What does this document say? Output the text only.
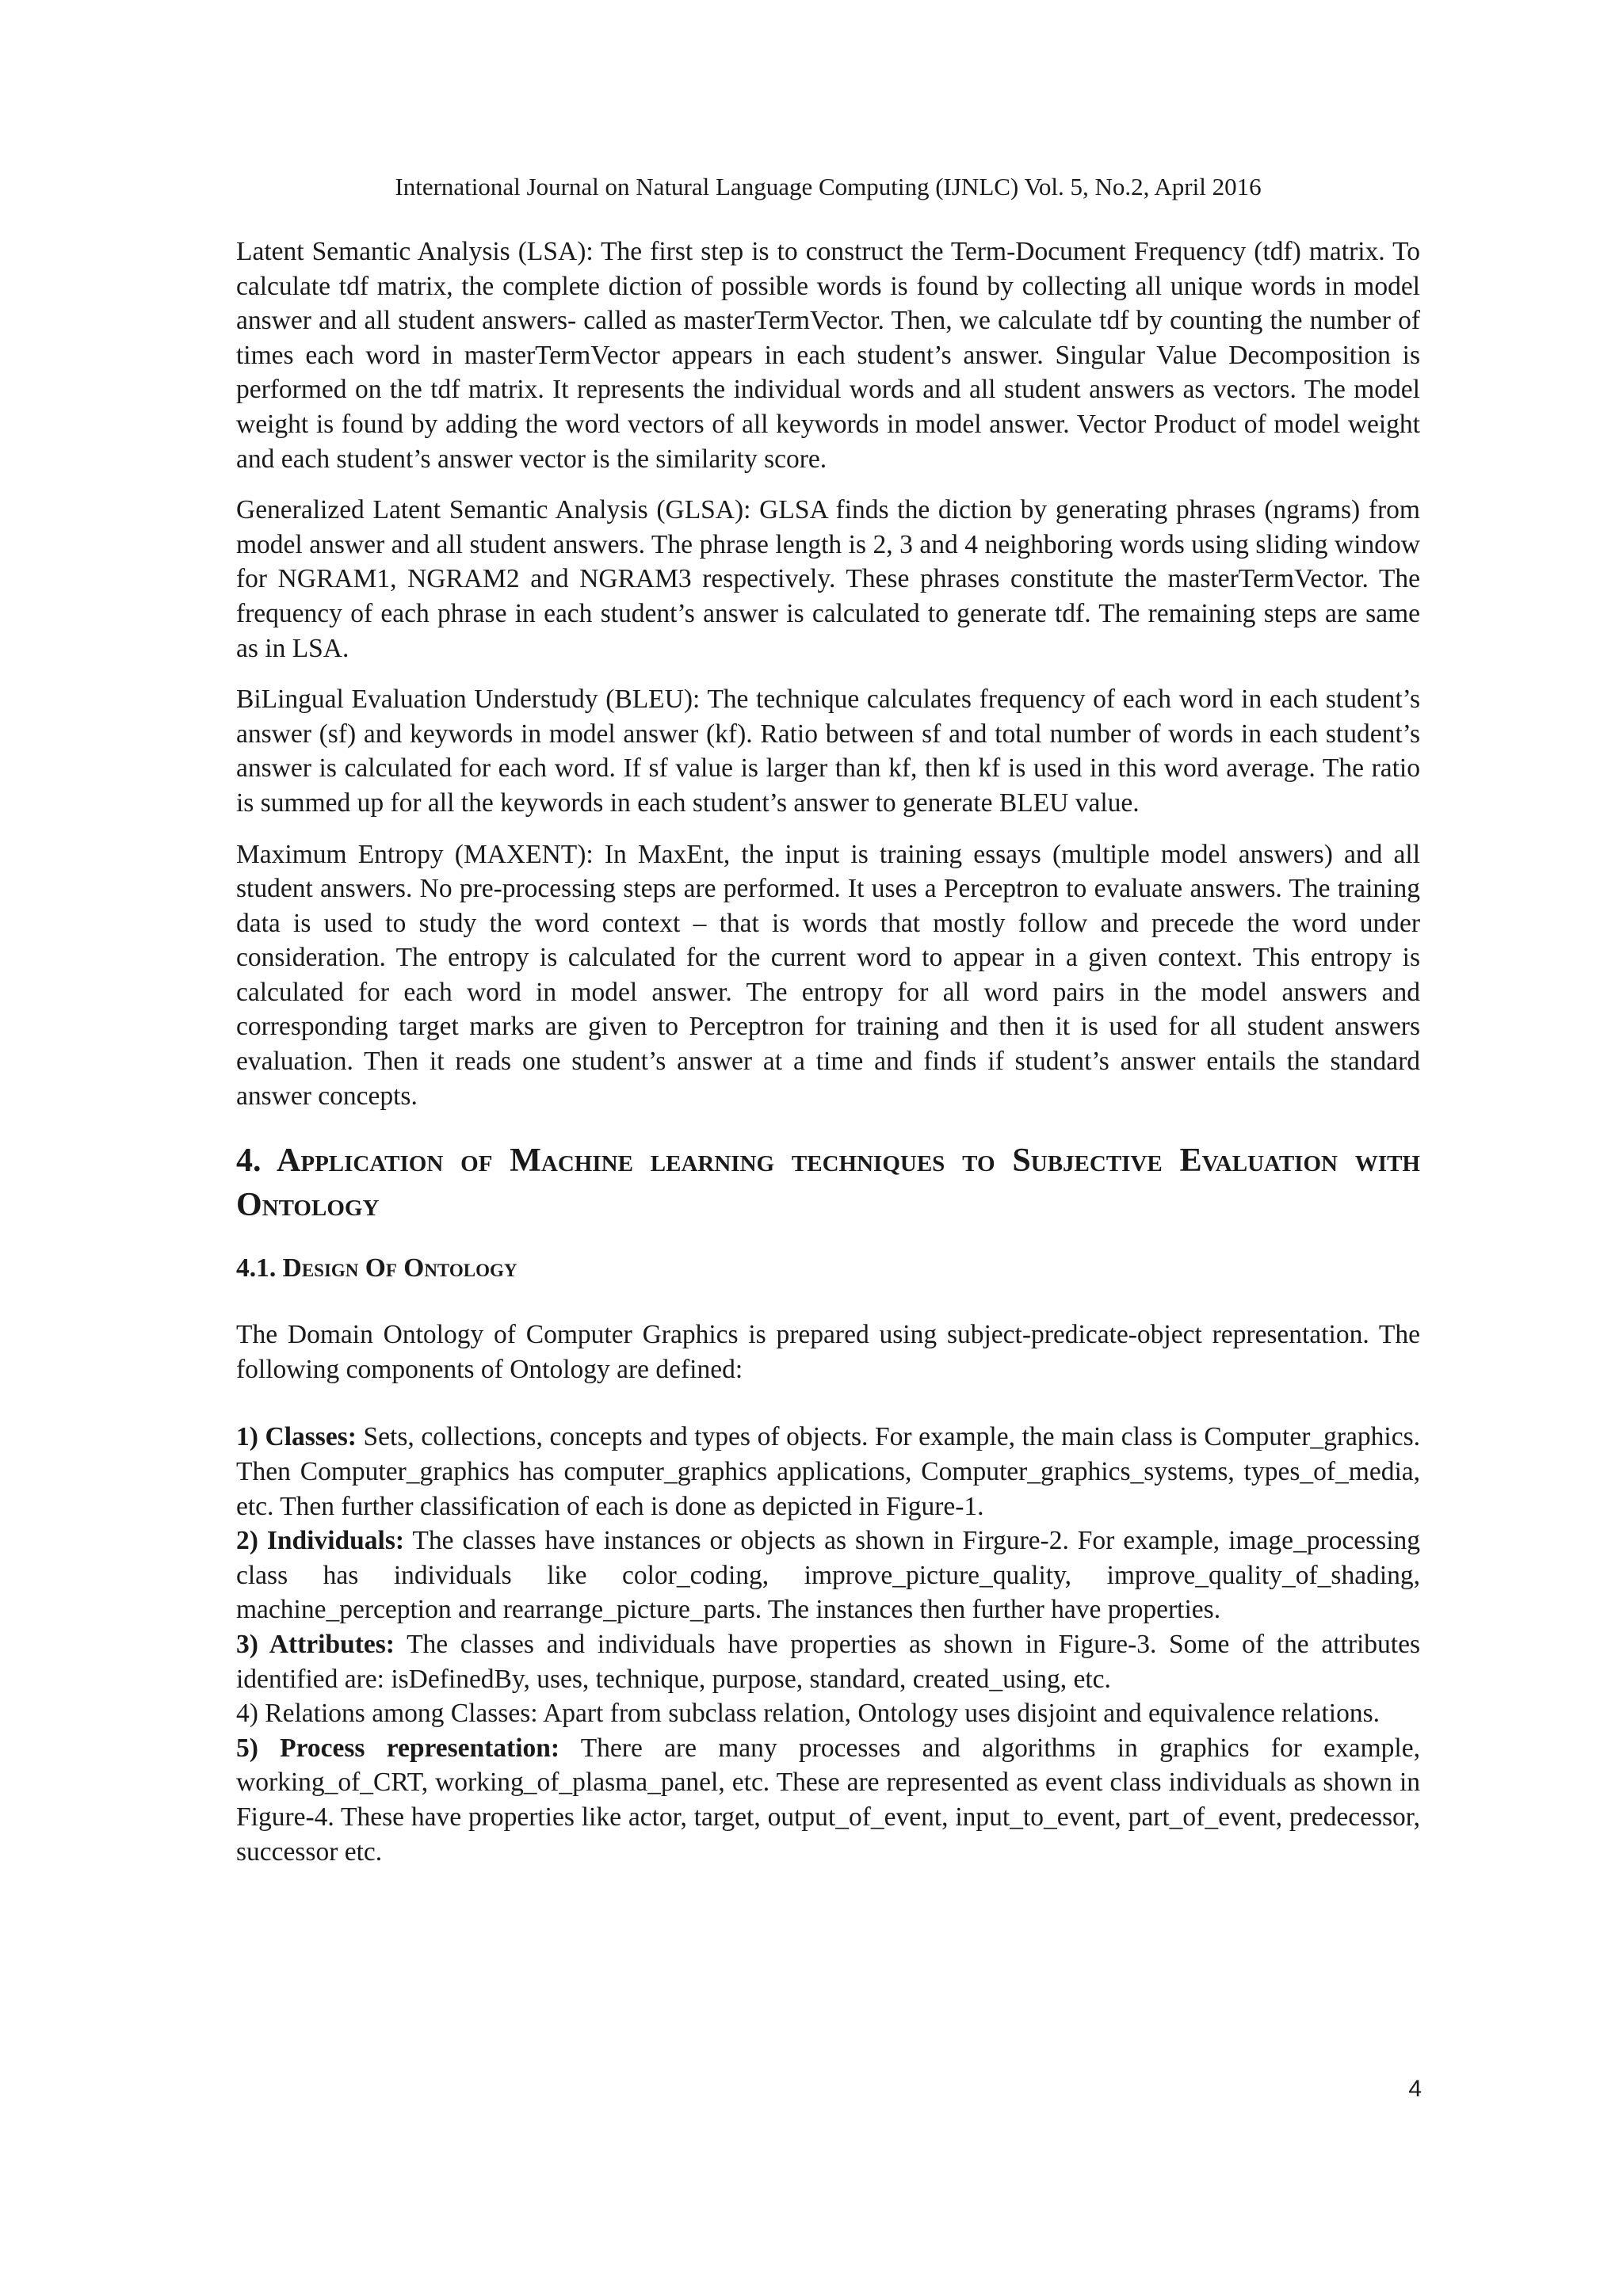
International Journal on Natural Language Computing (IJNLC) Vol. 5, No.2, April 2016

Latent Semantic Analysis (LSA): The first step is to construct the Term-Document Frequency (tdf) matrix. To calculate tdf matrix, the complete diction of possible words is found by collecting all unique words in model answer and all student answers- called as masterTermVector. Then, we calculate tdf by counting the number of times each word in masterTermVector appears in each student’s answer. Singular Value Decomposition is performed on the tdf matrix. It represents the individual words and all student answers as vectors. The model weight is found by adding the word vectors of all keywords in model answer. Vector Product of model weight and each student’s answer vector is the similarity score.

Generalized Latent Semantic Analysis (GLSA): GLSA finds the diction by generating phrases (ngrams) from model answer and all student answers. The phrase length is 2, 3 and 4 neighboring words using sliding window for NGRAM1, NGRAM2 and NGRAM3 respectively. These phrases constitute the masterTermVector. The frequency of each phrase in each student’s answer is calculated to generate tdf. The remaining steps are same as in LSA.

BiLingual Evaluation Understudy (BLEU): The technique calculates frequency of each word in each student’s answer (sf) and keywords in model answer (kf). Ratio between sf and total number of words in each student’s answer is calculated for each word. If sf value is larger than kf, then kf is used in this word average. The ratio is summed up for all the keywords in each student’s answer to generate BLEU value.

Maximum Entropy (MAXENT): In MaxEnt, the input is training essays (multiple model answers) and all student answers. No pre-processing steps are performed. It uses a Perceptron to evaluate answers. The training data is used to study the word context – that is words that mostly follow and precede the word under consideration. The entropy is calculated for the current word to appear in a given context. This entropy is calculated for each word in model answer. The entropy for all word pairs in the model answers and corresponding target marks are given to Perceptron for training and then it is used for all student answers evaluation. Then it reads one student’s answer at a time and finds if student’s answer entails the standard answer concepts.

4. Application of Machine learning techniques to Subjective Evaluation with Ontology
4.1. Design Of Ontology

The Domain Ontology of Computer Graphics is prepared using subject-predicate-object representation. The following components of Ontology are defined:

1) Classes: Sets, collections, concepts and types of objects. For example, the main class is Computer_graphics. Then Computer_graphics has computer_graphics applications, Computer_graphics_systems, types_of_media, etc. Then further classification of each is done as depicted in Figure-1.

2) Individuals: The classes have instances or objects as shown in Firgure-2. For example, image_processing class has individuals like color_coding, improve_picture_quality, improve_quality_of_shading, machine_perception and rearrange_picture_parts. The instances then further have properties.

3) Attributes: The classes and individuals have properties as shown in Figure-3. Some of the attributes identified are: isDefinedBy, uses, technique, purpose, standard, created_using, etc.

4) Relations among Classes: Apart from subclass relation, Ontology uses disjoint and equivalence relations.

5) Process representation: There are many processes and algorithms in graphics for example, working_of_CRT, working_of_plasma_panel, etc. These are represented as event class individuals as shown in Figure-4. These have properties like actor, target, output_of_event, input_to_event, part_of_event, predecessor, successor etc.

4
